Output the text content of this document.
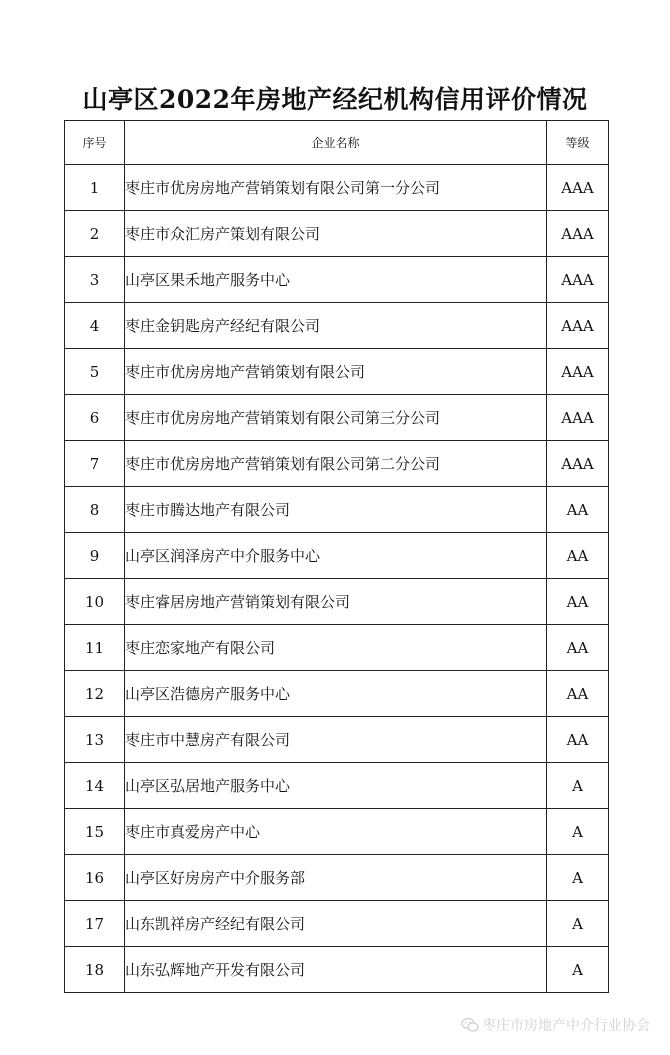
山亭区2022年房地产经纪机构信用评价情况
序号	企业名称	等级
1	枣庄市优房房地产营销策划有限公司第一分公司	AAA
2	枣庄市众汇房产策划有限公司	AAA
3	山亭区果禾地产服务中心	AAA
4	枣庄金钥匙房产经纪有限公司	AAA
5	枣庄市优房房地产营销策划有限公司	AAA
6	枣庄市优房房地产营销策划有限公司第三分公司	AAA
7	枣庄市优房房地产营销策划有限公司第二分公司	AAA
8	枣庄市腾达地产有限公司	AA
9	山亭区润泽房产中介服务中心	AA
10	枣庄睿居房地产营销策划有限公司	AA
11	枣庄恋家地产有限公司	AA
12	山亭区浩德房产服务中心	AA
13	枣庄市中慧房产有限公司	AA
14	山亭区弘居地产服务中心	A
15	枣庄市真爱房产中心	A
16	山亭区好房房产中介服务部	A
17	山东凯祥房产经纪有限公司	A
18	山东弘辉地产开发有限公司	A
枣庄市房地产中介行业协会
